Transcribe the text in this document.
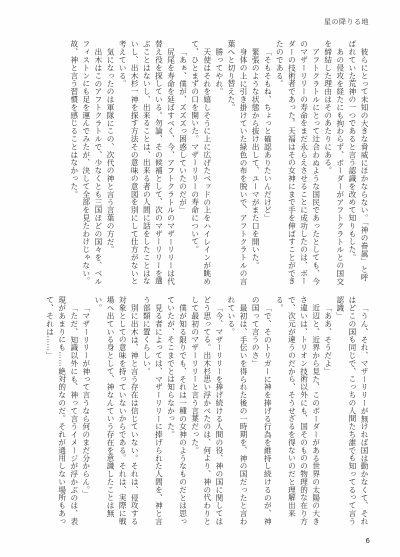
星の降りる地

彼らにとって未知の大きな脅威にほかならない。「神の眷属」と呼ばれていた荒神の一つであると言う認識を改めて知りもした。

あの侵攻を経たにも拘わらず、ボーダーがアフトクラトルとの国交を締結した理由はそのあたりにある。

アフトクラトルにとって辻合わぬような国民であったとしても、今のマザーリリーの寿命をまだ永らえさせることに成功したのは、ボーダーの技術者であった。天福はその女神にまで手を伸ばすことができたのである。

「そもそもね、ちょっと確認ありたいんだけど」

緊張のような状態から抜け出して、ユーマがまた口を開いた。

身体の上に引き掛けていた緑色の布を脱いで、アフトクラトルの言葉へと切り替えた。

勝ってやれ。

天使はそれを嬉しそうに上に広げたベッドの上をハイレインが眺めて、ひとまずの口を開いた。マザーリリーの寿命について。

「あぁ、僕が、ズズズっ困惑していたのだが」

尻尾を寿命を延ばすべく、今、アフトクラトルのマザーリリーは代替え役を探している。勿論、その候補として、次のマザーリリーを選ぶことはないし、出来ることは、出来る者の人間に話をしたことはないし、出木杉一神を探す方法その意味の意図を別にして仕方がないと考えている。

気になったのは軍隊にこの、次代の神と言う言葉の方だ。

出木はこのアフトクラトルで、少なくとも三国ほどの国々を、ベルフィストンにも足を運んでみたが、決して全部を見たわけじゃない。故、神と言う習慣を感じることはなかった。

「うん、それ、マザーリリーが無ければ国は動かなくて、それはどこの国も同じで、こっちの人間たち誰でも知ってるって言う認識」

「ああ、そうだよ」

近辺と、近界から見た、このボーダーがある世界の太陽の大きさ違いは、トリオン技術以外にも、国そのものの物理的な在り方で、次元が違うのだから、そうせざるを得ないのだと理解出来る。

「で、そのトリガーに神を捧げる行為を維持し続けるのが、神の国って言うのさ」

最初は、手伝いを得られた後の一時期を、神の国だったと言われている。

「今、マザーリリーを捧げ続ける人間の役、神の国に関してはどう思ってる。出木杉思い浮かべたのは、何より、神の代わりとして最初のマザーリリーと言う言葉だった。

僕が知る限りでも、それは一種の女神のようなものだとは思っていたが、そこまでとは知らなかった。

見る者によっては、マザーリリーに捧げられた人間を、神と言う部類に置くらしい。

別に出木は、神と言う存在は信じていない。それは、侵攻する対象としての意味を持っていないからである。それは、実際に戦場へ出ている身として、神なんていう存在を意識したことは無い。

「マザーリリーが神って言うなら何のまだ分からん。」

「ただ、知識以外にも、神って言うイメージが浮かぶのは、表現があまりにも……絶対的なのだ。それが通用しない場所もあって、それは……」

6
